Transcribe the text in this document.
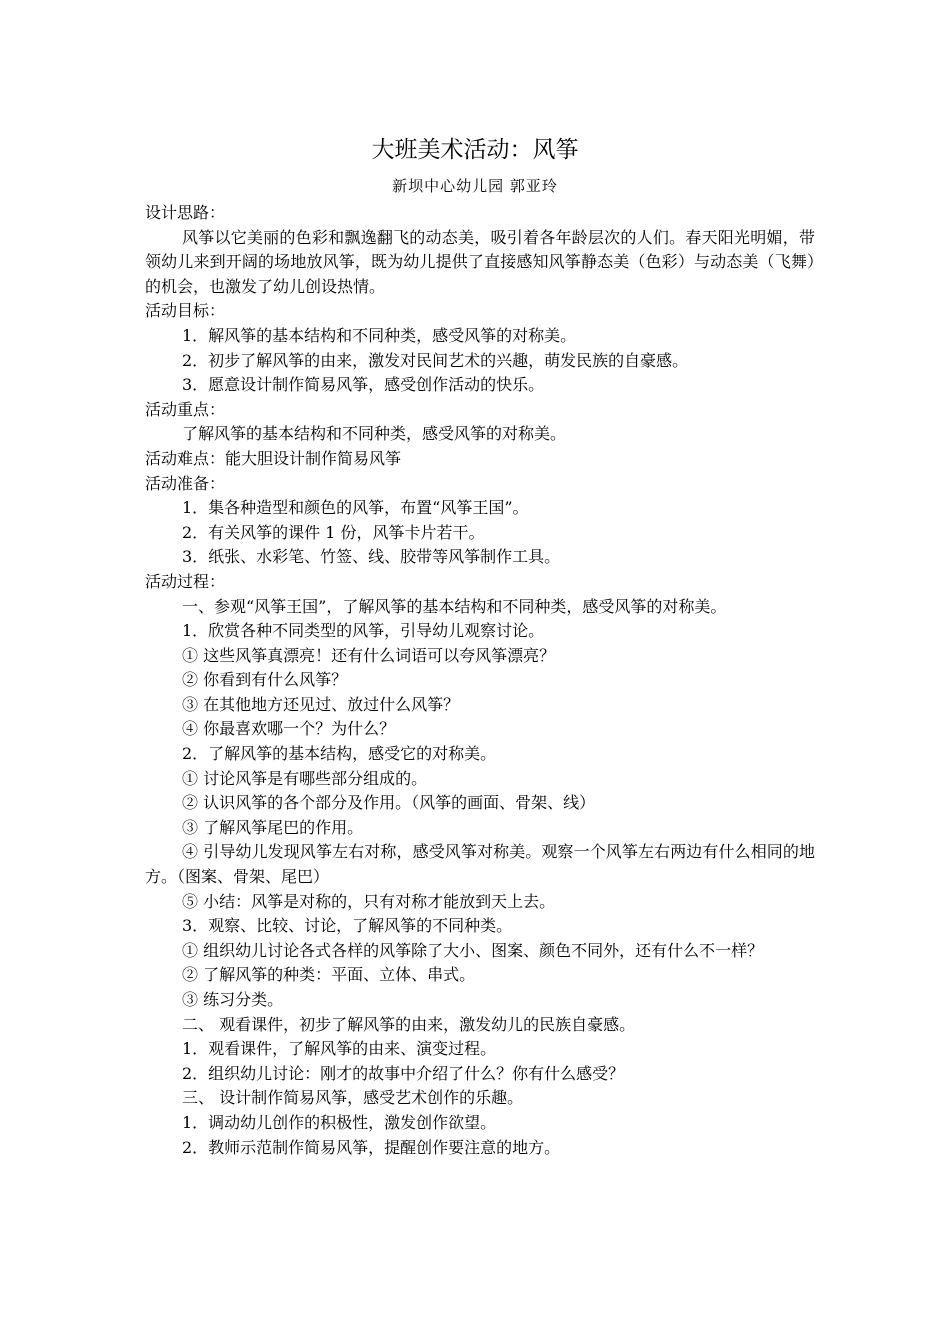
大班美术活动：风筝
新坝中心幼儿园 郭亚玲

设计思路：

风筝以它美丽的色彩和飘逸翻飞的动态美，吸引着各年龄层次的人们。春天阳光明媚，带领幼儿来到开阔的场地放风筝，既为幼儿提供了直接感知风筝静态美（色彩）与动态美（飞舞）的机会，也激发了幼儿创设热情。

活动目标：

1．解风筝的基本结构和不同种类，感受风筝的对称美。

2．初步了解风筝的由来，激发对民间艺术的兴趣，萌发民族的自豪感。

3．愿意设计制作简易风筝，感受创作活动的快乐。

活动重点：

了解风筝的基本结构和不同种类，感受风筝的对称美。

活动难点：能大胆设计制作简易风筝

活动准备：

1．集各种造型和颜色的风筝，布置“风筝王国”。

2．有关风筝的课件 1 份，风筝卡片若干。

3．纸张、水彩笔、竹签、线、胶带等风筝制作工具。

活动过程：

一、参观“风筝王国”，了解风筝的基本结构和不同种类，感受风筝的对称美。

1．欣赏各种不同类型的风筝，引导幼儿观察讨论。

① 这些风筝真漂亮！还有什么词语可以夸风筝漂亮？

② 你看到有什么风筝？

③ 在其他地方还见过、放过什么风筝？

④ 你最喜欢哪一个？为什么？

2．了解风筝的基本结构，感受它的对称美。

① 讨论风筝是有哪些部分组成的。

② 认识风筝的各个部分及作用。（风筝的画面、骨架、线）

③ 了解风筝尾巴的作用。

④ 引导幼儿发现风筝左右对称，感受风筝对称美。观察一个风筝左右两边有什么相同的地方。（图案、骨架、尾巴）

⑤ 小结：风筝是对称的，只有对称才能放到天上去。

3．观察、比较、讨论，了解风筝的不同种类。

① 组织幼儿讨论各式各样的风筝除了大小、图案、颜色不同外，还有什么不一样？

② 了解风筝的种类：平面、立体、串式。

③ 练习分类。

二、 观看课件，初步了解风筝的由来，激发幼儿的民族自豪感。

1．观看课件，了解风筝的由来、演变过程。

2．组织幼儿讨论：刚才的故事中介绍了什么？你有什么感受？

三、 设计制作简易风筝，感受艺术创作的乐趣。

1．调动幼儿创作的积极性，激发创作欲望。

2．教师示范制作简易风筝，提醒创作要注意的地方。
